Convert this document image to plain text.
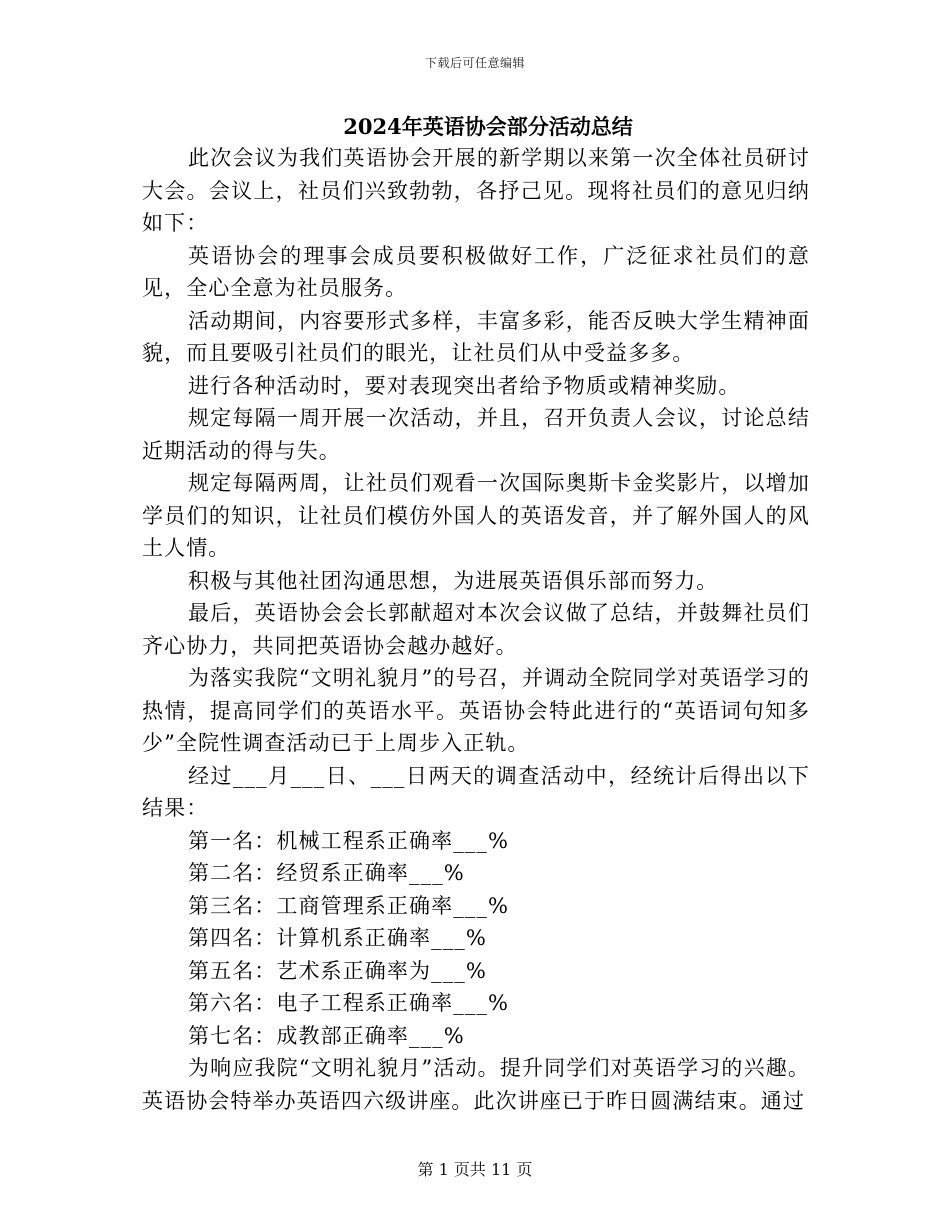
下载后可任意编辑
2024年英语协会部分活动总结

此次会议为我们英语协会开展的新学期以来第一次全体社员研讨大会。会议上，社员们兴致勃勃，各抒己见。现将社员们的意见归纳如下：

英语协会的理事会成员要积极做好工作，广泛征求社员们的意见，全心全意为社员服务。

活动期间，内容要形式多样，丰富多彩，能否反映大学生精神面貌，而且要吸引社员们的眼光，让社员们从中受益多多。

进行各种活动时，要对表现突出者给予物质或精神奖励。

规定每隔一周开展一次活动，并且，召开负责人会议，讨论总结近期活动的得与失。

规定每隔两周，让社员们观看一次国际奥斯卡金奖影片，以增加学员们的知识，让社员们模仿外国人的英语发音，并了解外国人的风土人情。

积极与其他社团沟通思想，为进展英语俱乐部而努力。

最后，英语协会会长郭献超对本次会议做了总结，并鼓舞社员们齐心协力，共同把英语协会越办越好。

为落实我院“文明礼貌月”的号召，并调动全院同学对英语学习的热情，提高同学们的英语水平。英语协会特此进行的“英语词句知多少”全院性调查活动已于上周步入正轨。

经过___月___日、___日两天的调查活动中，经统计后得出以下结果：

第一名：机械工程系正确率___%

第二名：经贸系正确率___%

第三名：工商管理系正确率___%

第四名：计算机系正确率___%

第五名：艺术系正确率为___%

第六名：电子工程系正确率___%

第七名：成教部正确率___%

为响应我院“文明礼貌月”活动。提升同学们对英语学习的兴趣。英语协会特举办英语四六级讲座。此次讲座已于昨日圆满结束。通过

第 1 页共 11 页
